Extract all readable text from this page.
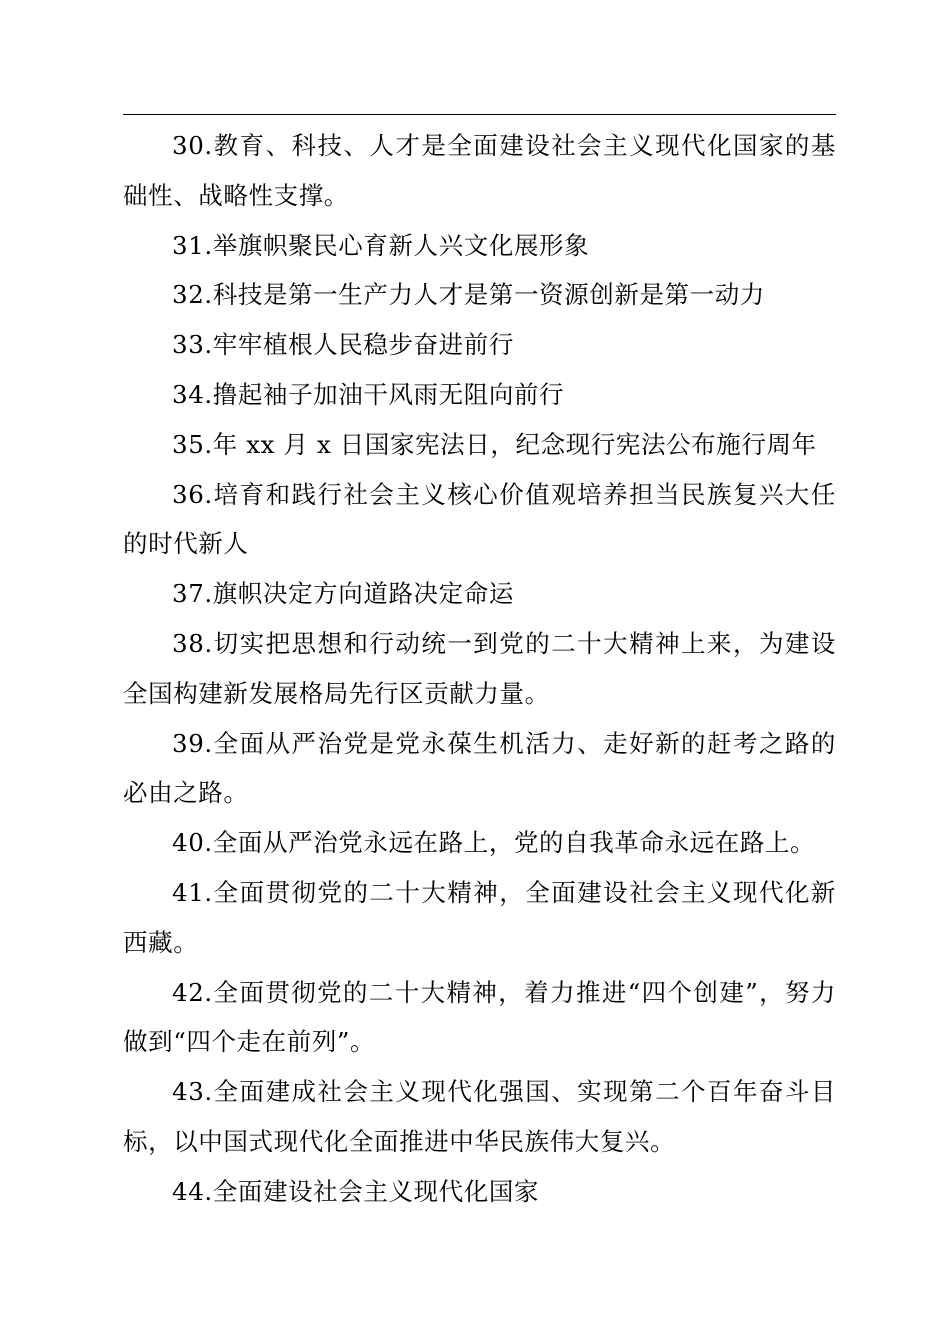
30.教育、科技、人才是全面建设社会主义现代化国家的基础性、战略性支撑。

31.举旗帜聚民心育新人兴文化展形象

32.科技是第一生产力人才是第一资源创新是第一动力

33.牢牢植根人民稳步奋进前行

34.撸起袖子加油干风雨无阻向前行

35.年 xx 月 x 日国家宪法日，纪念现行宪法公布施行周年

36.培育和践行社会主义核心价值观培养担当民族复兴大任的时代新人

37.旗帜决定方向道路决定命运

38.切实把思想和行动统一到党的二十大精神上来，为建设全国构建新发展格局先行区贡献力量。

39.全面从严治党是党永葆生机活力、走好新的赶考之路的必由之路。

40.全面从严治党永远在路上，党的自我革命永远在路上。

41.全面贯彻党的二十大精神，全面建设社会主义现代化新西藏。

42.全面贯彻党的二十大精神，着力推进“四个创建”，努力做到“四个走在前列”。

43.全面建成社会主义现代化强国、实现第二个百年奋斗目标，以中国式现代化全面推进中华民族伟大复兴。

44.全面建设社会主义现代化国家
